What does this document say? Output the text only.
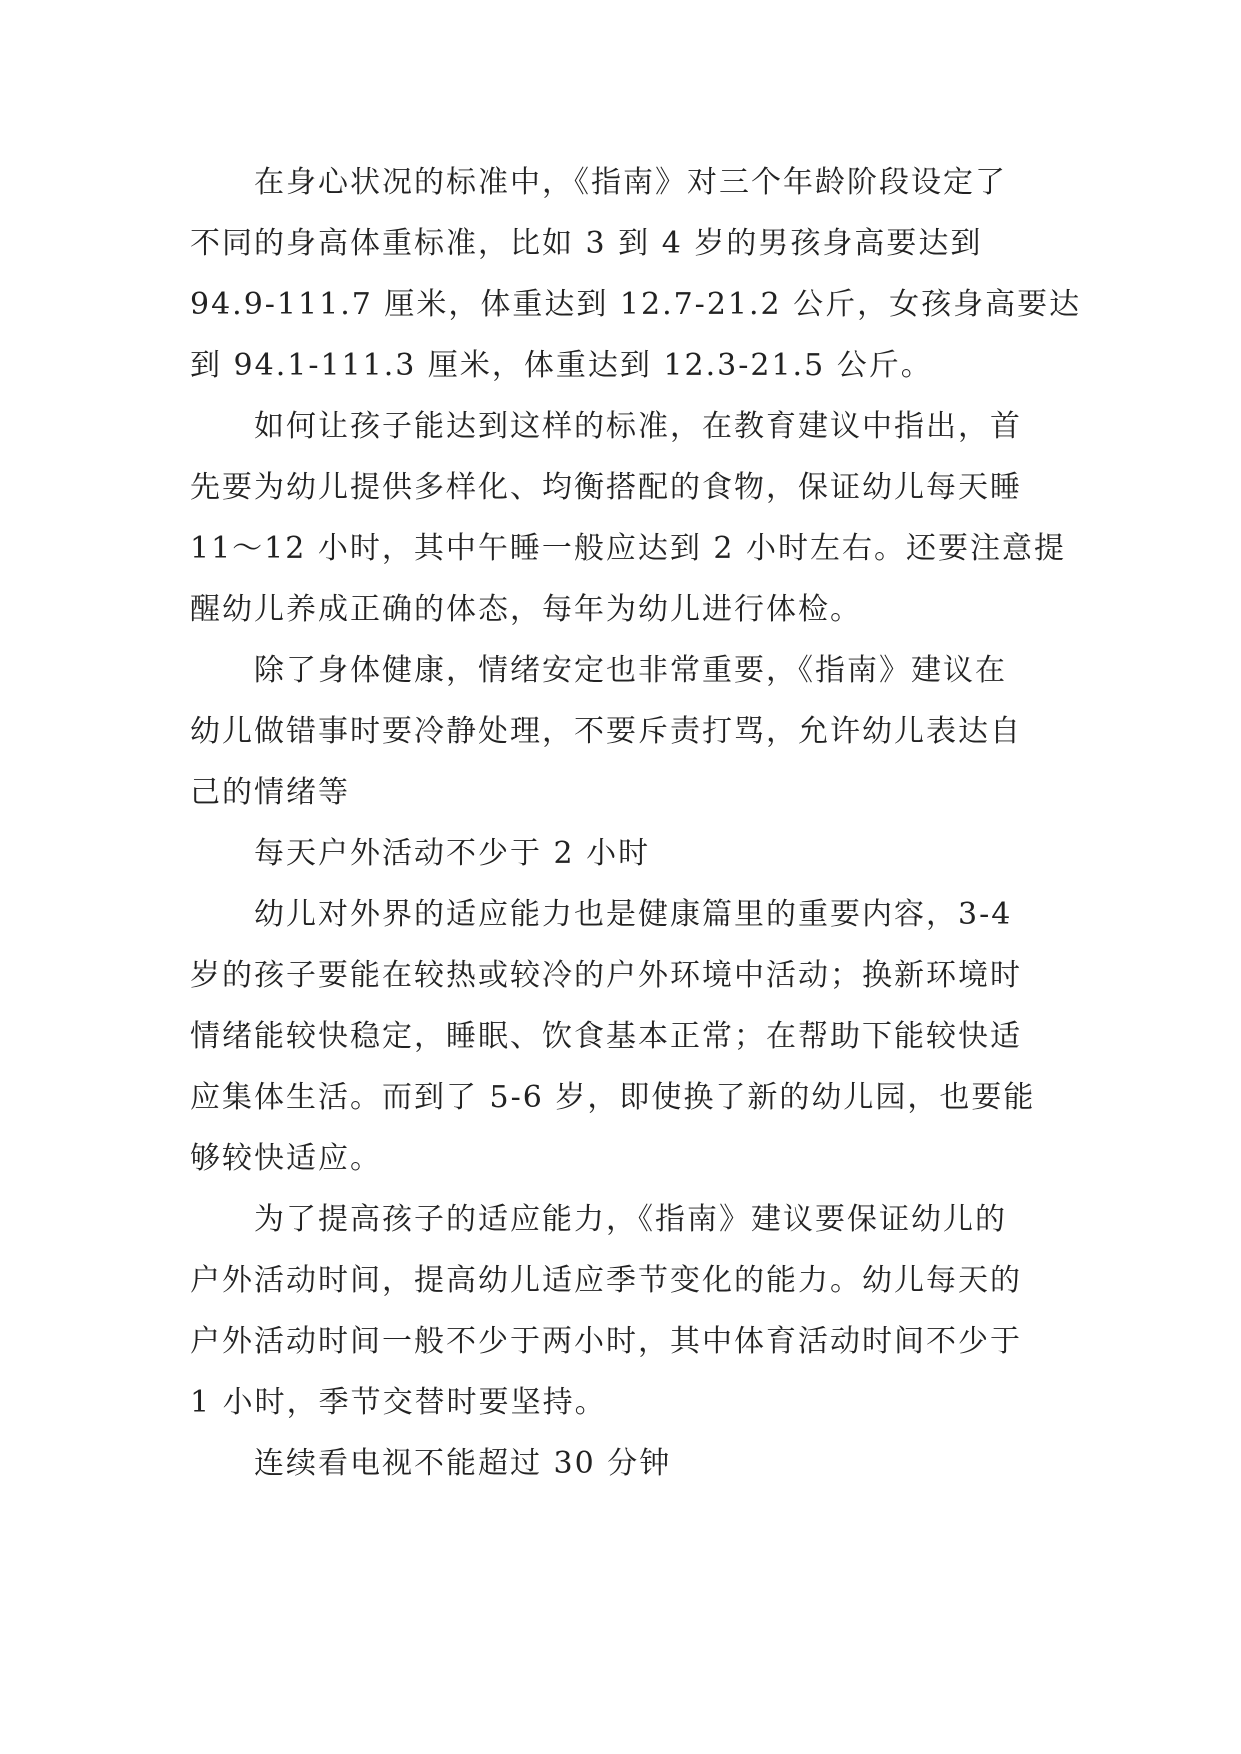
在身心状况的标准中，《指南》对三个年龄阶段设定了
不同的身高体重标准，比如 3 到 4 岁的男孩身高要达到
94.9-111.7 厘米，体重达到 12.7-21.2 公斤，女孩身高要达
到 94.1-111.3 厘米，体重达到 12.3-21.5 公斤。
如何让孩子能达到这样的标准，在教育建议中指出，首
先要为幼儿提供多样化、均衡搭配的食物，保证幼儿每天睡
11～12 小时，其中午睡一般应达到 2 小时左右。还要注意提
醒幼儿养成正确的体态，每年为幼儿进行体检。
除了身体健康，情绪安定也非常重要，《指南》建议在
幼儿做错事时要冷静处理，不要斥责打骂，允许幼儿表达自
己的情绪等
每天户外活动不少于 2 小时
幼儿对外界的适应能力也是健康篇里的重要内容，3-4
岁的孩子要能在较热或较冷的户外环境中活动；换新环境时
情绪能较快稳定，睡眠、饮食基本正常；在帮助下能较快适
应集体生活。而到了 5-6 岁，即使换了新的幼儿园，也要能
够较快适应。
为了提高孩子的适应能力，《指南》建议要保证幼儿的
户外活动时间，提高幼儿适应季节变化的能力。幼儿每天的
户外活动时间一般不少于两小时，其中体育活动时间不少于
1 小时，季节交替时要坚持。
连续看电视不能超过 30 分钟
